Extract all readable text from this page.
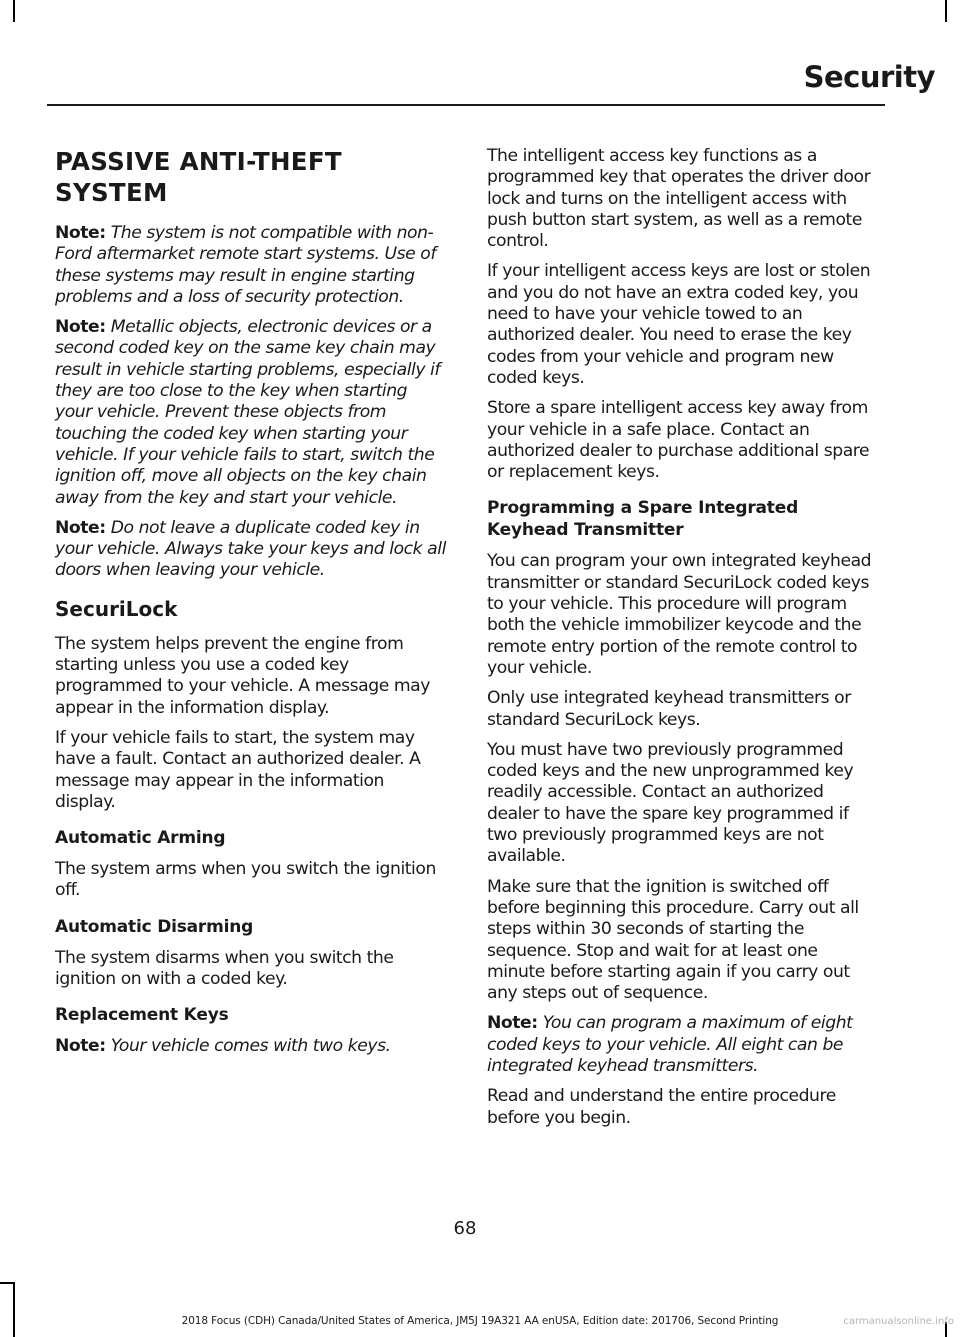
Security
PASSIVE ANTI-THEFT SYSTEM

Note: The system is not compatible with non-Ford aftermarket remote start systems. Use of these systems may result in engine starting problems and a loss of security protection.

Note: Metallic objects, electronic devices or a second coded key on the same key chain may result in vehicle starting problems, especially if they are too close to the key when starting your vehicle. Prevent these objects from touching the coded key when starting your vehicle. If your vehicle fails to start, switch the ignition off, move all objects on the key chain away from the key and start your vehicle.

Note: Do not leave a duplicate coded key in your vehicle. Always take your keys and lock all doors when leaving your vehicle.

SecuriLock

The system helps prevent the engine from starting unless you use a coded key programmed to your vehicle. A message may appear in the information display.

If your vehicle fails to start, the system may have a fault. Contact an authorized dealer. A message may appear in the information display.

Automatic Arming

The system arms when you switch the ignition off.

Automatic Disarming

The system disarms when you switch the ignition on with a coded key.

Replacement Keys

Note: Your vehicle comes with two keys.

The intelligent access key functions as a programmed key that operates the driver door lock and turns on the intelligent access with push button start system, as well as a remote control.

If your intelligent access keys are lost or stolen and you do not have an extra coded key, you need to have your vehicle towed to an authorized dealer. You need to erase the key codes from your vehicle and program new coded keys.

Store a spare intelligent access key away from your vehicle in a safe place. Contact an authorized dealer to purchase additional spare or replacement keys.

Programming a Spare Integrated Keyhead Transmitter

You can program your own integrated keyhead transmitter or standard SecuriLock coded keys to your vehicle. This procedure will program both the vehicle immobilizer keycode and the remote entry portion of the remote control to your vehicle.

Only use integrated keyhead transmitters or standard SecuriLock keys.

You must have two previously programmed coded keys and the new unprogrammed key readily accessible. Contact an authorized dealer to have the spare key programmed if two previously programmed keys are not available.

Make sure that the ignition is switched off before beginning this procedure. Carry out all steps within 30 seconds of starting the sequence. Stop and wait for at least one minute before starting again if you carry out any steps out of sequence.

Note: You can program a maximum of eight coded keys to your vehicle. All eight can be integrated keyhead transmitters.

Read and understand the entire procedure before you begin.

68
2018 Focus (CDH) Canada/United States of America, JM5J 19A321 AA enUSA, Edition date: 201706, Second Printing	carmanualsonline.info
